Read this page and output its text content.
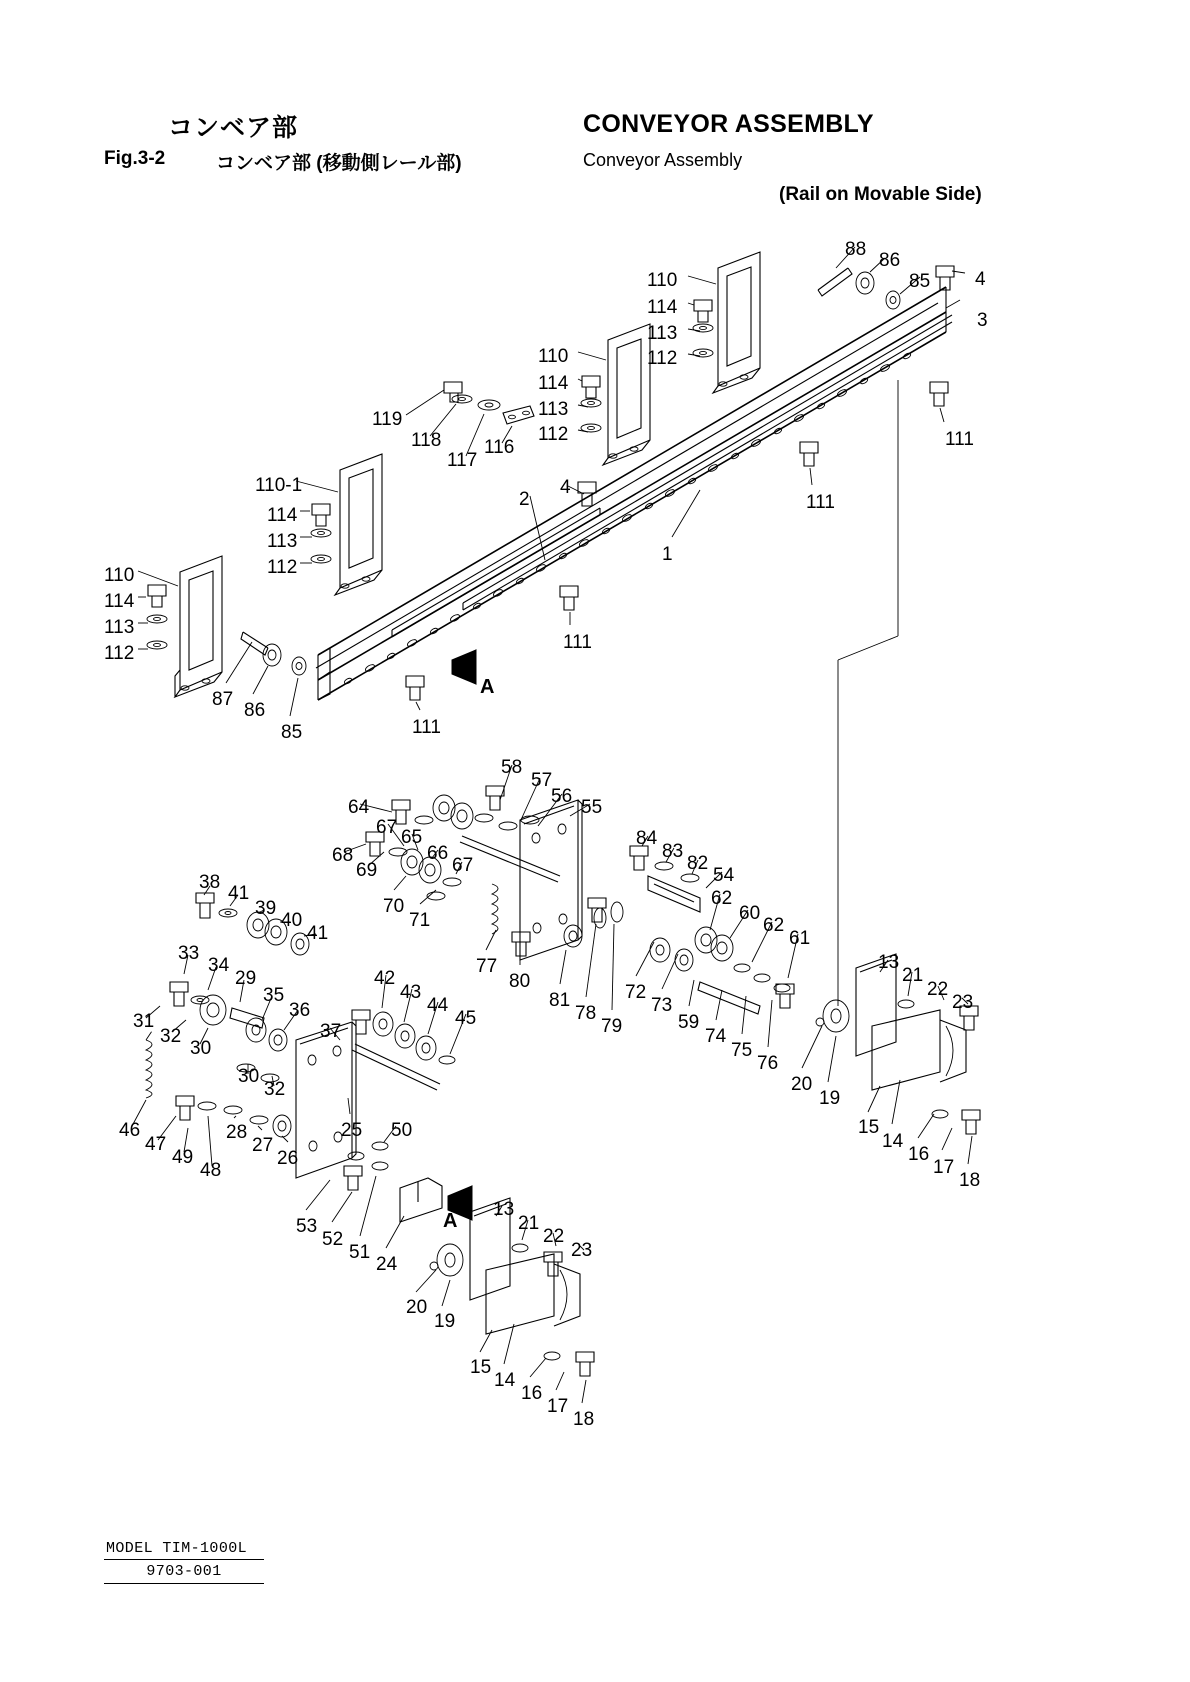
コンベア部
Fig.3-2	コンベア部 (移動側レール部)
CONVEYOR ASSEMBLY
Conveyor Assembly
(Rail on Movable Side)
88
86
85 4
3
110
114
113
112
110
114
113
112
119
118
117
116	111
111
110-1
114
113
112
2
4
1
110
114
113
112
87
86
85	111
111
58
57
56
55
64
67 65
66
67
68
69
70
71
84
83
82
54
62
60
62
61
77
80
81
78
79
72
73
59
74
75
76
38
41
39
40
41
33
34
29
35
36
31
32
30
30
32
37
42
43
44
45
46
47
49
48
28
27
26
25 50
53
52
51
24
13
21
22
23
20
19
15
14
16
17
18
13
21
22
23
20
19
15
14
16
17
18
A
A
MODEL TIM-1000L
9703-001
